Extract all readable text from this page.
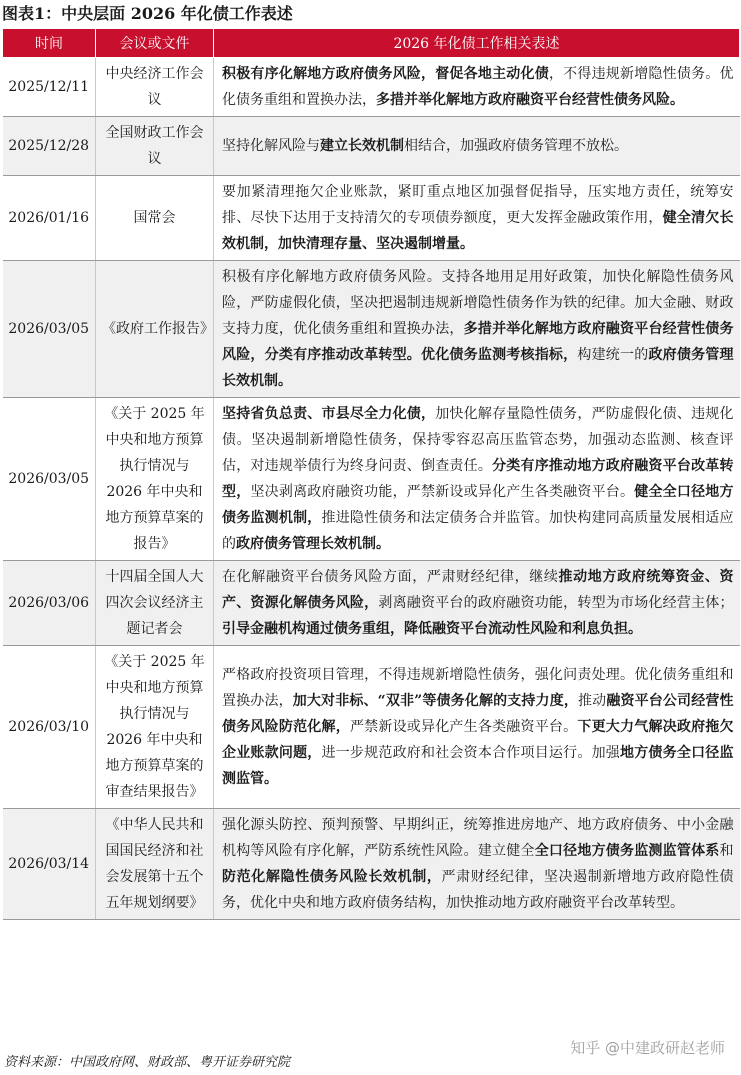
图表1：中央层面 2026 年化债工作表述
时间	会议或文件	2026 年化债工作相关表述
2025/12/11	中央经济工作会议	积极有序化解地方政府债务风险，督促各地主动化债，不得违规新增隐性债务。优化债务重组和置换办法，多措并举化解地方政府融资平台经营性债务风险。
2025/12/28	全国财政工作会议	坚持化解风险与建立长效机制相结合，加强政府债务管理不放松。
2026/01/16	国常会	要加紧清理拖欠企业账款，紧盯重点地区加强督促指导，压实地方责任，统筹安排、尽快下达用于支持清欠的专项债券额度，更大发挥金融政策作用，健全清欠长效机制，加快清理存量、坚决遏制增量。
2026/03/05	《政府工作报告》	积极有序化解地方政府债务风险。支持各地用足用好政策，加快化解隐性债务风险，严防虚假化债，坚决把遏制违规新增隐性债务作为铁的纪律。加大金融、财政支持力度，优化债务重组和置换办法，多措并举化解地方政府融资平台经营性债务风险，分类有序推动改革转型。优化债务监测考核指标，构建统一的政府债务管理长效机制。
2026/03/05	《关于 2025 年中央和地方预算执行情况与 2026 年中央和地方预算草案的报告》	坚持省负总责、市县尽全力化债，加快化解存量隐性债务，严防虚假化债、违规化债。坚决遏制新增隐性债务，保持零容忍高压监管态势，加强动态监测、核查评估，对违规举债行为终身问责、倒查责任。分类有序推动地方政府融资平台改革转型，坚决剥离政府融资功能，严禁新设或异化产生各类融资平台。健全全口径地方债务监测机制，推进隐性债务和法定债务合并监管。加快构建同高质量发展相适应的政府债务管理长效机制。
2026/03/06	十四届全国人大四次会议经济主题记者会	在化解融资平台债务风险方面，严肃财经纪律，继续推动地方政府统筹资金、资产、资源化解债务风险，剥离融资平台的政府融资功能，转型为市场化经营主体；引导金融机构通过债务重组，降低融资平台流动性风险和利息负担。
2026/03/10	《关于 2025 年中央和地方预算执行情况与 2026 年中央和地方预算草案的审查结果报告》	严格政府投资项目管理，不得违规新增隐性债务，强化问责处理。优化债务重组和置换办法，加大对非标、“双非”等债务化解的支持力度，推动融资平台公司经营性债务风险防范化解，严禁新设或异化产生各类融资平台。下更大力气解决政府拖欠企业账款问题，进一步规范政府和社会资本合作项目运行。加强地方债务全口径监测监管。
2026/03/14	《中华人民共和国国民经济和社会发展第十五个五年规划纲要》	强化源头防控、预判预警、早期纠正，统筹推进房地产、地方政府债务、中小金融机构等风险有序化解，严防系统性风险。建立健全全口径地方债务监测监管体系和防范化解隐性债务风险长效机制，严肃财经纪律，坚决遏制新增地方政府隐性债务，优化中央和地方政府债务结构，加快推动地方政府融资平台改革转型。
资料来源：中国政府网、财政部、粤开证券研究院
知乎 @中建政研赵老师
